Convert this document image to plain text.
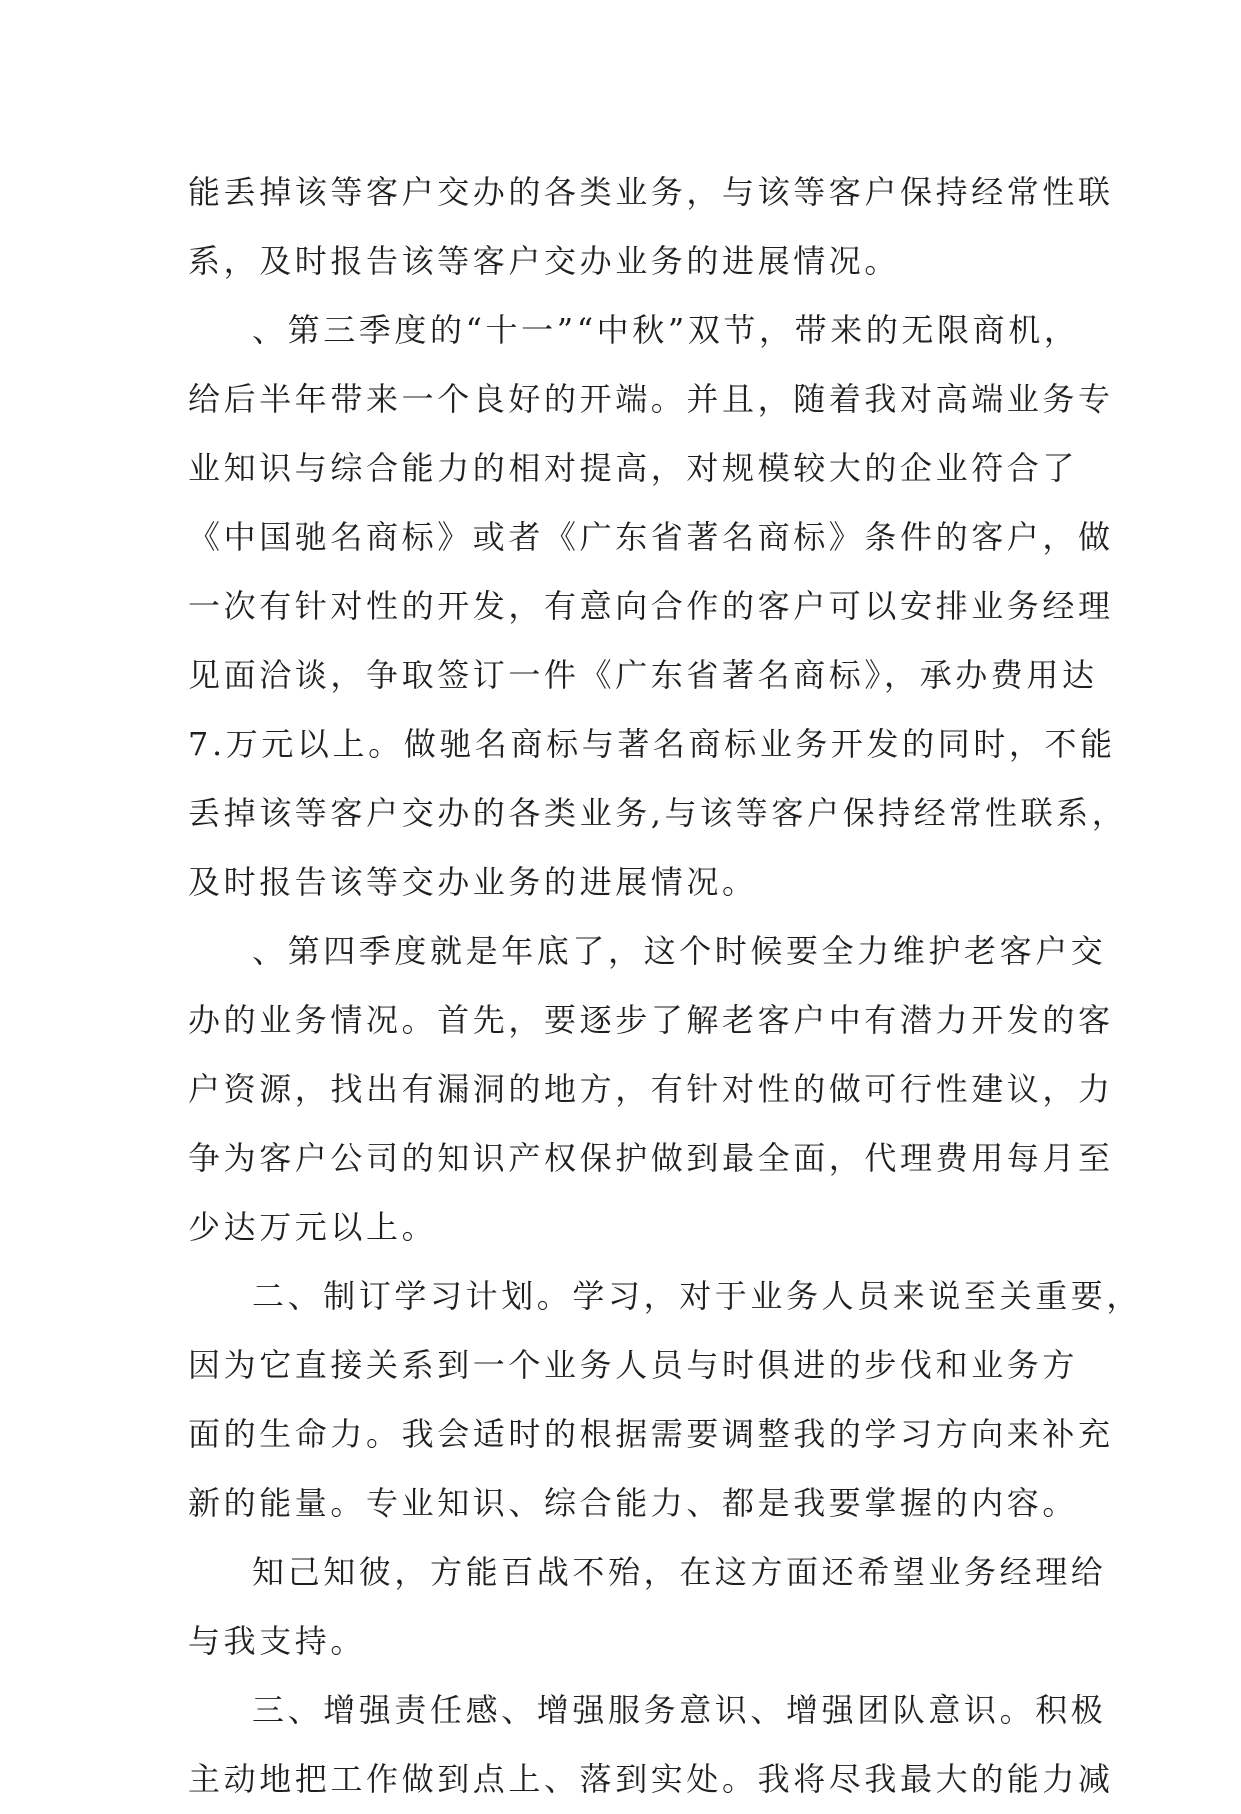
能丢掉该等客户交办的各类业务，与该等客户保持经常性联
系，及时报告该等客户交办业务的进展情况。
、第三季度的“十一”“中秋”双节，带来的无限商机，
给后半年带来一个良好的开端。并且，随着我对高端业务专
业知识与综合能力的相对提高，对规模较大的企业符合了
《中国驰名商标》或者《广东省著名商标》条件的客户，做
一次有针对性的开发，有意向合作的客户可以安排业务经理
见面洽谈，争取签订一件《广东省著名商标》，承办费用达
7.万元以上。做驰名商标与著名商标业务开发的同时，不能
丢掉该等客户交办的各类业务,与该等客户保持经常性联系，
及时报告该等交办业务的进展情况。
、第四季度就是年底了，这个时候要全力维护老客户交
办的业务情况。首先，要逐步了解老客户中有潜力开发的客
户资源，找出有漏洞的地方，有针对性的做可行性建议，力
争为客户公司的知识产权保护做到最全面，代理费用每月至
少达万元以上。
二、制订学习计划。学习，对于业务人员来说至关重要，
因为它直接关系到一个业务人员与时俱进的步伐和业务方
面的生命力。我会适时的根据需要调整我的学习方向来补充
新的能量。专业知识、综合能力、都是我要掌握的内容。
知己知彼，方能百战不殆，在这方面还希望业务经理给
与我支持。
三、增强责任感、增强服务意识、增强团队意识。积极
主动地把工作做到点上、落到实处。我将尽我最大的能力减
